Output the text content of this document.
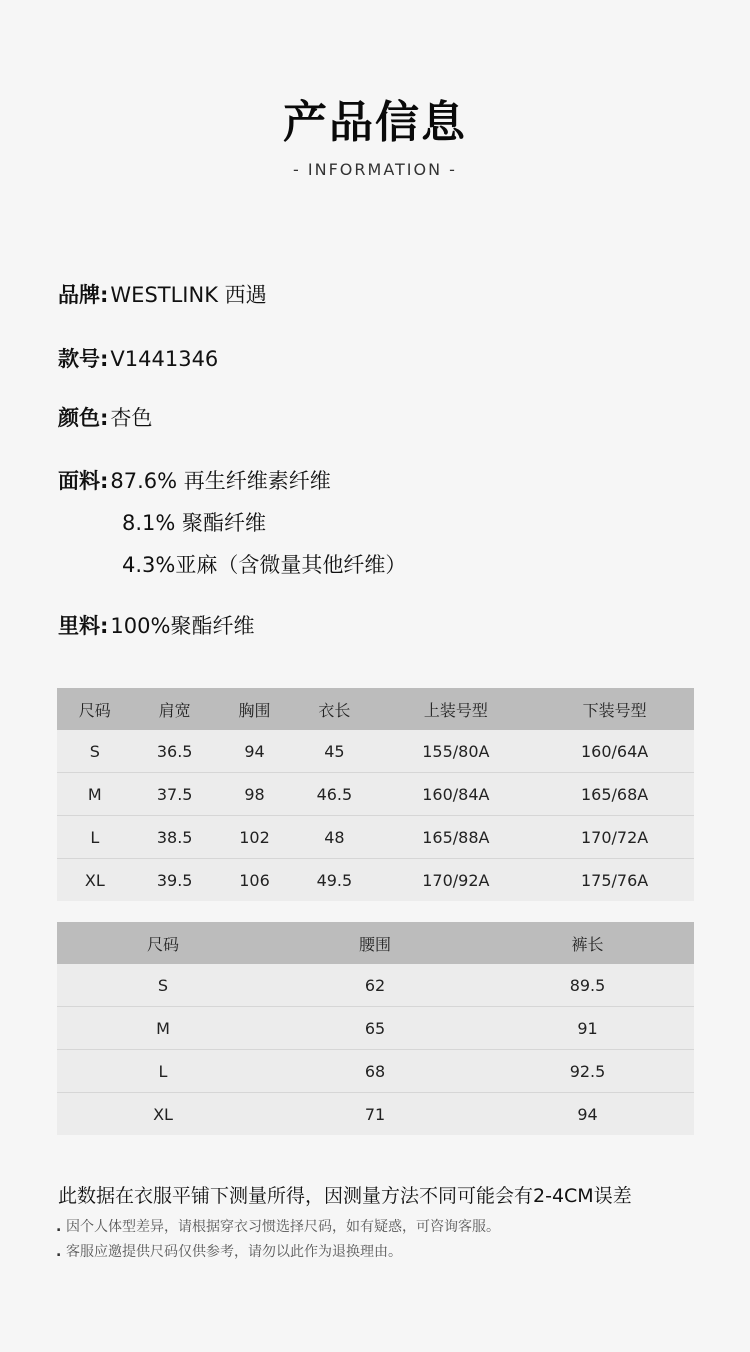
产品信息
- INFORMATION -
品牌:WESTLINK 西遇
款号:V1441346
颜色:杏色
面料:87.6% 再生纤维素纤维
8.1% 聚酯纤维
4.3%亚麻（含微量其他纤维）
里料:100%聚酯纤维
尺码	肩宽	胸围	衣长	上装号型	下装号型
S	36.5	94	45	155/80A	160/64A
M	37.5	98	46.5	160/84A	165/68A
L	38.5	102	48	165/88A	170/72A
XL	39.5	106	49.5	170/92A	175/76A
尺码	腰围	裤长
S	62	89.5
M	65	91
L	68	92.5
XL	71	94
此数据在衣服平铺下测量所得，因测量方法不同可能会有2-4CM误差
. 因个人体型差异，请根据穿衣习惯选择尺码，如有疑惑，可咨询客服。
. 客服应邀提供尺码仅供参考，请勿以此作为退换理由。
